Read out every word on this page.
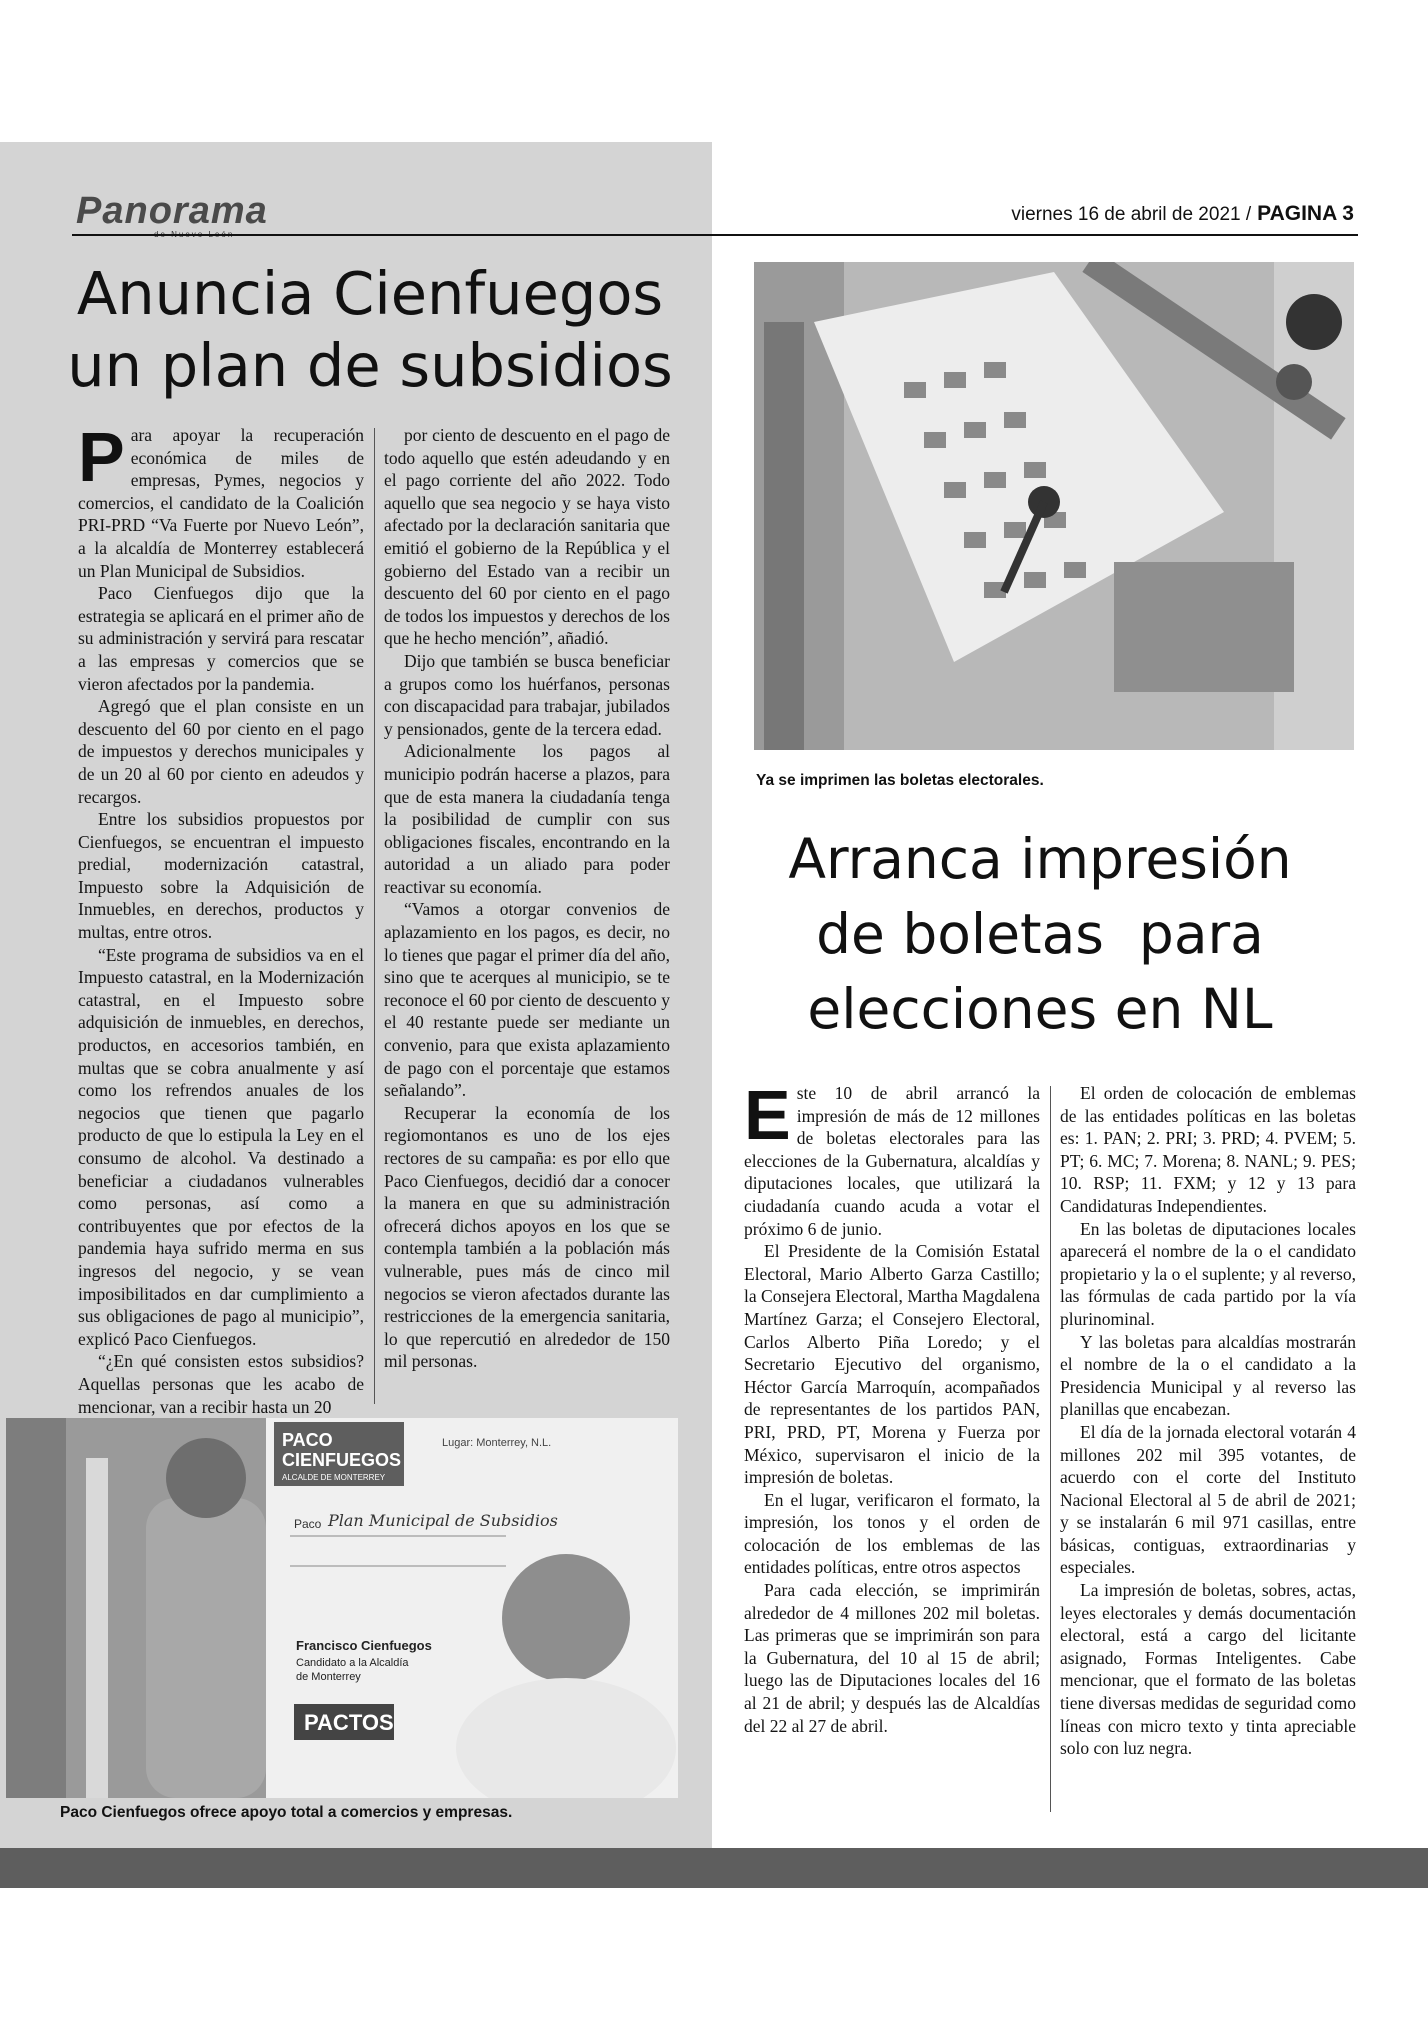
Panorama	viernes 16 de abril de 2021 / PAGINA 3
Anuncia Cienfuegos
un plan de subsidios
P ara apoyar la recuperación económica de miles de empresas, Pymes, negocios y comercios, el candidato de la Coalición PRI-PRD “Va Fuerte por Nuevo León”, a la alcaldía de Monterrey establecerá un Plan Municipal de Subsidios.

Paco Cienfuegos dijo que la estrategia se aplicará en el primer año de su administración y servirá para rescatar a las empresas y comercios que se vieron afectados por la pandemia.

Agregó que el plan consiste en un descuento del 60 por ciento en el pago de impuestos y derechos municipales y de un 20 al 60 por ciento en adeudos y recargos.

Entre los subsidios propuestos por Cienfuegos, se encuentran el impuesto predial, modernización catastral, Impuesto sobre la Adquisición de Inmuebles, en derechos, productos y multas, entre otros.

“Este programa de subsidios va en el Impuesto catastral, en la Modernización catastral, en el Impuesto sobre adquisición de inmuebles, en derechos, productos, en accesorios también, en multas que se cobra anualmente y así como los refrendos anuales de los negocios que tienen que pagarlo producto de que lo estipula la Ley en el consumo de alcohol. Va destinado a beneficiar a ciudadanos vulnerables como personas, así como a contribuyentes que por efectos de la pandemia haya sufrido merma en sus ingresos del negocio, y se vean imposibilitados en dar cumplimiento a sus obligaciones de pago al municipio”, explicó Paco Cienfuegos.

“¿En qué consisten estos subsidios? Aquellas personas que les acabo de mencionar, van a recibir hasta un 20

por ciento de descuento en el pago de todo aquello que estén adeudando y en el pago corriente del año 2022. Todo aquello que sea negocio y se haya visto afectado por la declaración sanitaria que emitió el gobierno de la República y el gobierno del Estado van a recibir un descuento del 60 por ciento en el pago de todos los impuestos y derechos de los que he hecho mención”, añadió.

Dijo que también se busca beneficiar a grupos como los huérfanos, personas con discapacidad para trabajar, jubilados y pensionados, gente de la tercera edad.

Adicionalmente los pagos al municipio podrán hacerse a plazos, para que de esta manera la ciudadanía tenga la posibilidad de cumplir con sus obligaciones fiscales, encontrando en la autoridad a un aliado para poder reactivar su economía.

“Vamos a otorgar convenios de aplazamiento en los pagos, es decir, no lo tienes que pagar el primer día del año, sino que te acerques al municipio, se te reconoce el 60 por ciento de descuento y el 40 restante puede ser mediante un convenio, para que exista aplazamiento de pago con el porcentaje que estamos señalando”.

Recuperar la economía de los regiomontanos es uno de los ejes rectores de su campaña: es por ello que Paco Cienfuegos, decidió dar a conocer la manera en que su administración ofrecerá dichos apoyos en los que se contempla también a la población más vulnerable, pues más de cinco mil negocios se vieron afectados durante las restricciones de la emergencia sanitaria, lo que repercutió en alrededor de 150 mil personas.

PACO
CIENFUEGOS
ALCALDE DE MONTERREY
Lugar: Monterrey, N.L.
Paco Plan Municipal de Subsidios
Francisco Cienfuegos
Candidato a la Alcaldía
de Monterrey
PACTOS
Paco Cienfuegos ofrece apoyo total a comercios y empresas.
Ya se imprimen las boletas electorales.
Arranca impresión
de boletas  para
elecciones en NL
E ste 10 de abril arrancó la impresión de más de 12 millones de boletas electorales para las elecciones de la Gubernatura, alcaldías y diputaciones locales, que utilizará la ciudadanía cuando acuda a votar el próximo 6 de junio.

El Presidente de la Comisión Estatal Electoral, Mario Alberto Garza Castillo; la Consejera Electoral, Martha Magdalena Martínez Garza; el Consejero Electoral, Carlos Alberto Piña Loredo; y el Secretario Ejecutivo del organismo, Héctor García Marroquín, acompañados de representantes de los partidos PAN, PRI, PRD, PT, Morena y Fuerza por México, supervisaron el inicio de la impresión de boletas.

En el lugar, verificaron el formato, la impresión, los tonos y el orden de colocación de los emblemas de las entidades políticas, entre otros aspectos

Para cada elección, se imprimirán alrededor de 4 millones 202 mil boletas. Las primeras que se imprimirán son para la Gubernatura, del 10 al 15 de abril; luego las de Diputaciones locales del 16 al 21 de abril; y después las de Alcaldías del 22 al 27 de abril.

El orden de colocación de emblemas de las entidades políticas en las boletas es: 1. PAN; 2. PRI; 3. PRD; 4. PVEM; 5. PT; 6. MC; 7. Morena; 8. NANL; 9. PES; 10. RSP; 11. FXM; y 12 y 13 para Candidaturas Independientes.

En las boletas de diputaciones locales aparecerá el nombre de la o el candidato propietario y la o el suplente; y al reverso, las fórmulas de cada partido por la vía plurinominal.

Y las boletas para alcaldías mostrarán el nombre de la o el candidato a la Presidencia Municipal y al reverso las planillas que encabezan.

El día de la jornada electoral votarán 4 millones 202 mil 395 votantes, de acuerdo con el corte del Instituto Nacional Electoral al 5 de abril de 2021; y se instalarán 6 mil 971 casillas, entre básicas, contiguas, extraordinarias y especiales.

La impresión de boletas, sobres, actas, leyes electorales y demás documentación electoral, está a cargo del licitante asignado, Formas Inteligentes. Cabe mencionar, que el formato de las boletas tiene diversas medidas de seguridad como líneas con micro texto y tinta apreciable solo con luz negra.
